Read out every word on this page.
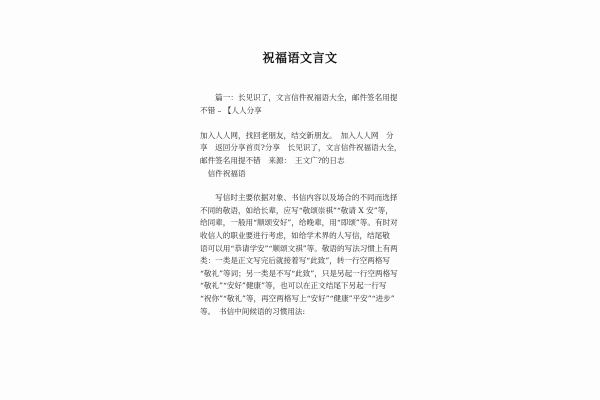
祝福语文言文
　　篇一：长见识了，文言信件祝福语大全，邮件签名用提
不错 – 【人人分享
加入人人网，找回老朋友，结交新朋友。　加入人人网　分
享　返回分享首页?分享　长见识了，文言信件祝福语大全，
邮件签名用提不错　来源：　王文广?的日志
　信件祝福语
　　写信时主要依据对象、书信内容以及场合的不同而选择
不同的敬语，如给长辈，应写“敬颂崇祺”“敬请 X 安”等，
给同辈，一般用“顺颂安好”，给晚辈，用“即颂”等。有时对
收信人的职业要进行考虑，如给学术界的人写信，结尾敬
语可以用“恭请学安”“顺颂文祺”等。敬语的写法习惯上有两
类：一类是正文写完后就接着写“此致”，转一行空两格写
“敬礼”等词；另一类是不写“此致”，只是另起一行空两格写
“敬礼”“安好”健康”等，也可以在正文结尾下另起一行写
“祝你”“敬礼”等，再空两格写上“安好”“健康”平安”“进步”
等。　书信中间候语的习惯用法:
